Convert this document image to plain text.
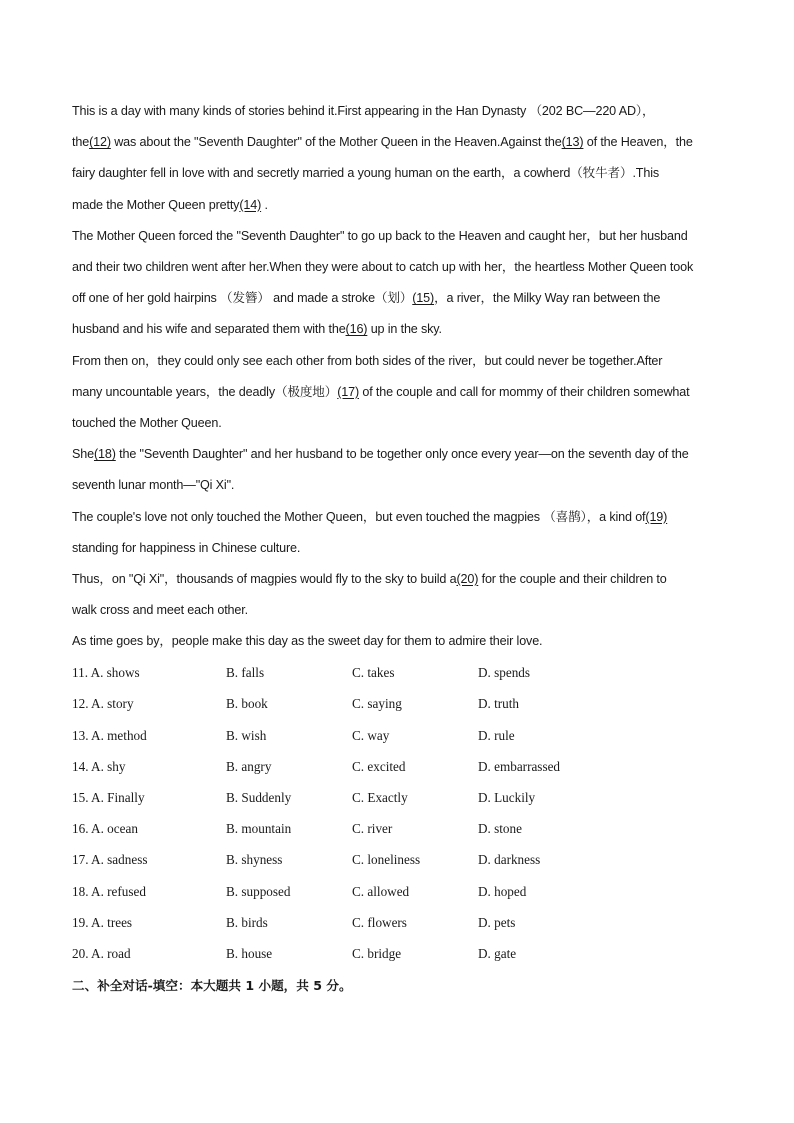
This is a day with many kinds of stories behind it.First appearing in the Han Dynasty （202 BC—220 AD），
the(12) was about the "Seventh Daughter" of the Mother Queen in the Heaven.Against the(13) of the Heaven，the
fairy daughter fell in love with and secretly married a young human on the earth，a cowherd（牧牛者）.This
made the Mother Queen pretty(14) .
The Mother Queen forced the "Seventh Daughter" to go up back to the Heaven and caught her，but her husband
and their two children went after her.When they were about to catch up with her，the heartless Mother Queen took
off one of her gold hairpins （发簪） and made a stroke（划）(15)，a river，the Milky Way ran between the
husband and his wife and separated them with the(16) up in the sky.
From then on，they could only see each other from both sides of the river，but could never be together.After
many uncountable years，the deadly（极度地）(17) of the couple and call for mommy of their children somewhat
touched the Mother Queen.
She(18) the "Seventh Daughter" and her husband to be together only once every year—on the seventh day of the
seventh lunar month—"Qi Xi".
The couple's love not only touched the Mother Queen，but even touched the magpies （喜鹊），a kind of(19)
standing for happiness in Chinese culture.
Thus，on "Qi Xi"，thousands of magpies would fly to the sky to build a(20) for the couple and their children to
walk cross and meet each other.
As time goes by，people make this day as the sweet day for them to admire their love.
11. A. shows	B. falls	C. takes	D. spends
12. A. story	B. book	C. saying	D. truth
13. A. method	B. wish	C. way	D. rule
14. A. shy	B. angry	C. excited	D. embarrassed
15. A. Finally	B. Suddenly	C. Exactly	D. Luckily
16. A. ocean	B. mountain	C. river	D. stone
17. A. sadness	B. shyness	C. loneliness	D. darkness
18. A. refused	B. supposed	C. allowed	D. hoped
19. A. trees	B. birds	C. flowers	D. pets
20. A. road	B. house	C. bridge	D. gate
二、补全对话-填空：本大题共 1 小题，共 5 分。
